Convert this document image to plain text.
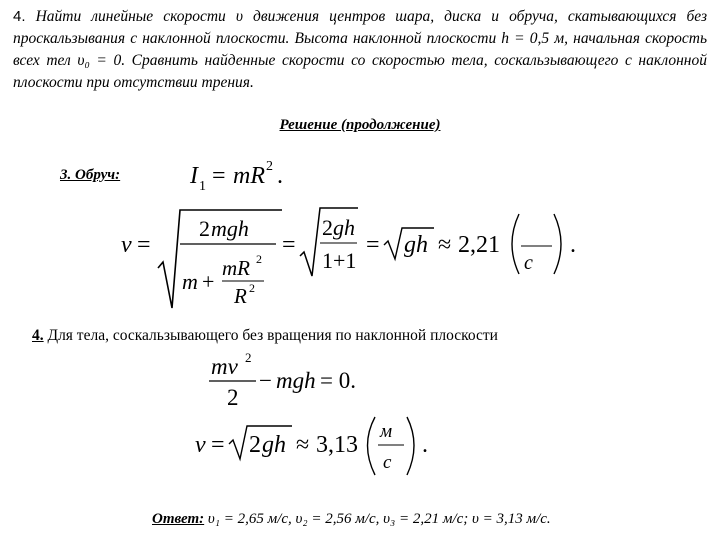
4. Найти линейные скорости υ движения центров шара, диска и обруча, скатывающихся без проскальзывания с наклонной плоскости. Высота наклонной плоскости h = 0,5 м, начальная скорость всех тел υ₀ = 0. Сравнить найденные скорости со скоростью тела, соскальзывающего с наклонной плоскости при отсутствии трения.
Решение (продолжение)
3. Обруч:	I 1 = mR 2 .
v =
2 mgh
m +
mR 2
R 2
=
2 gh
1+1
= gh ≈ 2,21
с
.
mv 2
2
− mgh = 0.
v = 2 gh ≈ 3,13
м
с
.
4. Для тела, соскальзывающего без вращения по наклонной плоскости
Ответ: υ₁ = 2,65 м/с, υ₂ = 2,56 м/с, υ₃ = 2,21 м/с; υ = 3,13 м/с.
